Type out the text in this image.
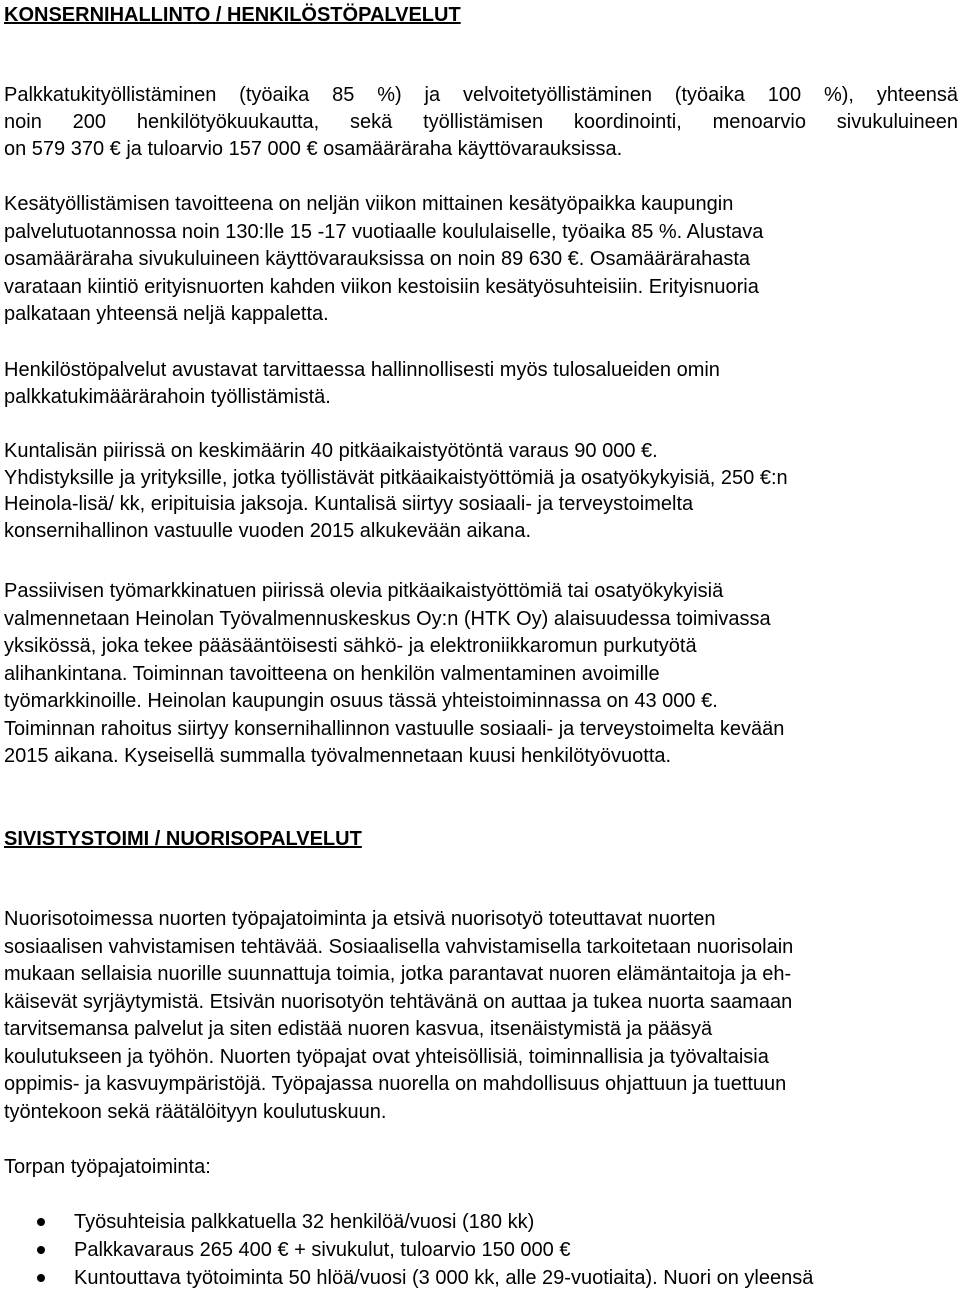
KONSERNIHALLINTO / HENKILÖSTÖPALVELUT
Palkkatukityöllistäminen (työaika 85 %) ja velvoitetyöllistäminen (työaika 100 %), yhteensä
noin 200 henkilötyökuukautta, sekä työllistämisen koordinointi, menoarvio sivukuluineen
on 579 370 € ja tuloarvio 157 000 € osamääräraha käyttövarauksissa.
Kesätyöllistämisen tavoitteena on neljän viikon mittainen kesätyöpaikka kaupungin
palvelutuotannossa noin 130:lle 15 -17 vuotiaalle koululaiselle, työaika 85 %. Alustava
osamääräraha sivukuluineen käyttövarauksissa on noin 89 630 €. Osamäärärahasta
varataan kiintiö erityisnuorten kahden viikon kestoisiin kesätyösuhteisiin. Erityisnuoria
palkataan yhteensä neljä kappaletta.
Henkilöstöpalvelut avustavat tarvittaessa hallinnollisesti myös tulosalueiden omin
palkkatukimäärärahoin työllistämistä.
Kuntalisän piirissä on keskimäärin 40 pitkäaikaistyötöntä varaus 90 000 €.
Yhdistyksille ja yrityksille, jotka työllistävät pitkäaikaistyöttömiä ja osatyökykyisiä, 250 €:n
Heinola-lisä/ kk, eripituisia jaksoja. Kuntalisä siirtyy sosiaali- ja terveystoimelta
konsernihallinon vastuulle vuoden 2015 alkukevään aikana.
Passiivisen työmarkkinatuen piirissä olevia pitkäaikaistyöttömiä tai osatyökykyisiä
valmennetaan Heinolan Työvalmennuskeskus Oy:n (HTK Oy) alaisuudessa toimivassa
yksikössä, joka tekee pääsääntöisesti sähkö- ja elektroniikkaromun purkutyötä
alihankintana. Toiminnan tavoitteena on henkilön valmentaminen avoimille
työmarkkinoille. Heinolan kaupungin osuus tässä yhteistoiminnassa on 43 000 €.
Toiminnan rahoitus siirtyy konsernihallinnon vastuulle sosiaali- ja terveystoimelta kevään
2015 aikana. Kyseisellä summalla työvalmennetaan kuusi henkilötyövuotta.
SIVISTYSTOIMI / NUORISOPALVELUT
Nuorisotoimessa nuorten työpajatoiminta ja etsivä nuorisotyö toteuttavat nuorten
sosiaalisen vahvistamisen tehtävää. Sosiaalisella vahvistamisella tarkoitetaan nuorisolain
mukaan sellaisia nuorille suunnattuja toimia, jotka parantavat nuoren elämäntaitoja ja eh-
käisevät syrjäytymistä. Etsivän nuorisotyön tehtävänä on auttaa ja tukea nuorta saamaan
tarvitsemansa palvelut ja siten edistää nuoren kasvua, itsenäistymistä ja pääsyä
koulutukseen ja työhön. Nuorten työpajat ovat yhteisöllisiä, toiminnallisia ja työvaltaisia
oppimis- ja kasvuympäristöjä. Työpajassa nuorella on mahdollisuus ohjattuun ja tuettuun
työntekoon sekä räätälöityyn koulutuskuun.
Torpan työpajatoiminta:
Työsuhteisia palkkatuella 32 henkilöä/vuosi (180 kk)
Palkkavaraus 265 400 € + sivukulut, tuloarvio 150 000 €
Kuntouttava työtoiminta 50 hlöä/vuosi (3 000 kk, alle 29-vuotiaita). Nuori on yleensä
